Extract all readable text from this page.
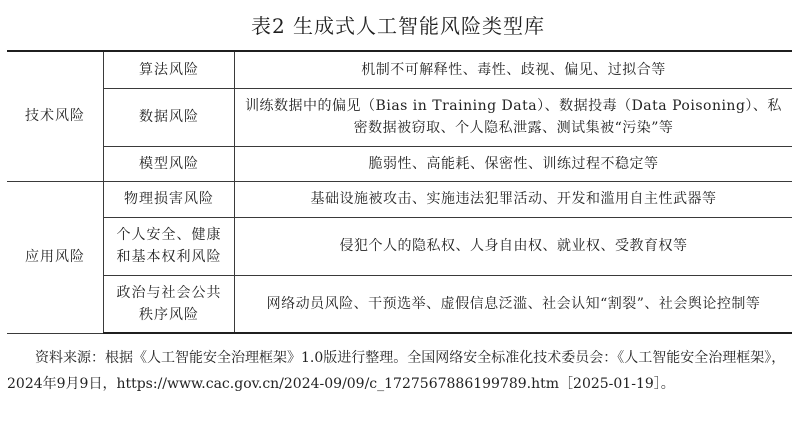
表2 生成式人工智能风险类型库
技术风险	算法风险	机制不可解释性、毒性、歧视、偏见、过拟合等
	数据风险	训练数据中的偏见（Bias in Training Data）、数据投毒（Data Poisoning）、私密数据被窃取、个人隐私泄露、测试集被“污染”等
	模型风险	脆弱性、高能耗、保密性、训练过程不稳定等
应用风险	物理损害风险	基础设施被攻击、实施违法犯罪活动、开发和滥用自主性武器等
	个人安全、健康和基本权利风险	侵犯个人的隐私权、人身自由权、就业权、受教育权等
	政治与社会公共秩序风险	网络动员风险、干预选举、虚假信息泛滥、社会认知“割裂”、社会舆论控制等
资料来源：根据《人工智能安全治理框架》1.0版进行整理。全国网络安全标准化技术委员会：《人工智能安全治理框架》，2024年9月9日，https://www.cac.gov.cn/2024-09/09/c_1727567886199789.htm［2025-01-19］。
